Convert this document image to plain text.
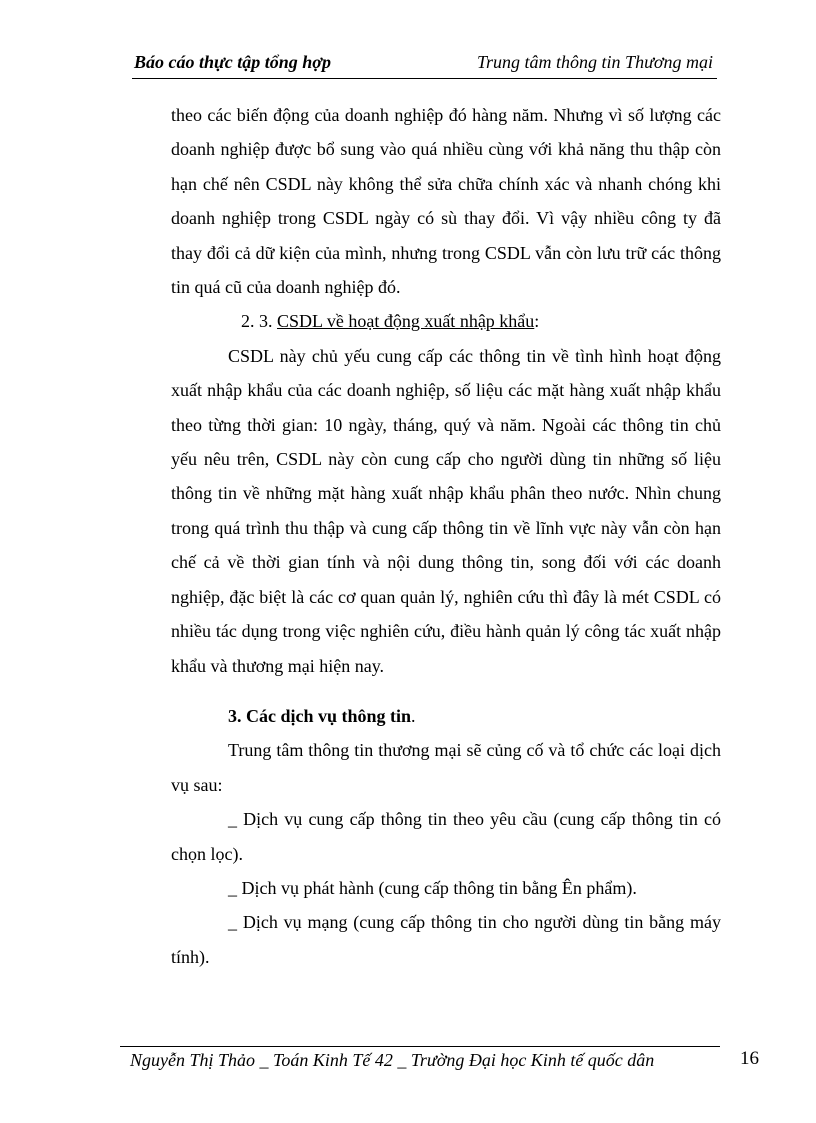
Báo cáo thực tập tổng hợp	Trung tâm thông tin Thương mại

theo các biến động của doanh nghiệp đó hàng năm. Nhưng vì số lượng các doanh nghiệp được bổ sung vào quá nhiều cùng với khả năng thu thập còn hạn chế nên CSDL này không thể sửa chữa chính xác và nhanh chóng khi doanh nghiệp trong CSDL ngày có sù thay đổi. Vì vậy nhiều công ty đã thay đổi cả dữ kiện của mình, nhưng trong CSDL vẫn còn lưu trữ các thông tin quá cũ của doanh nghiệp đó.

2. 3. CSDL về hoạt động xuất nhập khẩu:

CSDL này chủ yếu cung cấp các thông tin về tình hình hoạt động xuất nhập khẩu của các doanh nghiệp, số liệu các mặt hàng xuất nhập khẩu theo từng thời gian: 10 ngày, tháng, quý và năm. Ngoài các thông tin chủ yếu nêu trên, CSDL này còn cung cấp cho người dùng tin những số liệu thông tin về những mặt hàng xuất nhập khẩu phân theo nước. Nhìn chung trong quá trình thu thập và cung cấp thông tin về lĩnh vực này vẫn còn hạn chế cả về thời gian tính và nội dung thông tin, song đối với các doanh nghiệp, đặc biệt là các cơ quan quản lý, nghiên cứu thì đây là mét CSDL có nhiều tác dụng trong việc nghiên cứu, điều hành quản lý công tác xuất nhập khẩu và thương mại hiện nay.

3. Các dịch vụ thông tin.

Trung tâm thông tin thương mại sẽ củng cố và tổ chức các loại dịch vụ sau:

_ Dịch vụ cung cấp thông tin theo yêu cầu (cung cấp thông tin có chọn lọc).

_ Dịch vụ phát hành (cung cấp thông tin bằng Ên phẩm).

_ Dịch vụ mạng (cung cấp thông tin cho người dùng tin bằng máy tính).

Nguyễn Thị Thảo _ Toán Kinh Tế 42 _ Trường Đại học Kinh tế quốc dân	16
